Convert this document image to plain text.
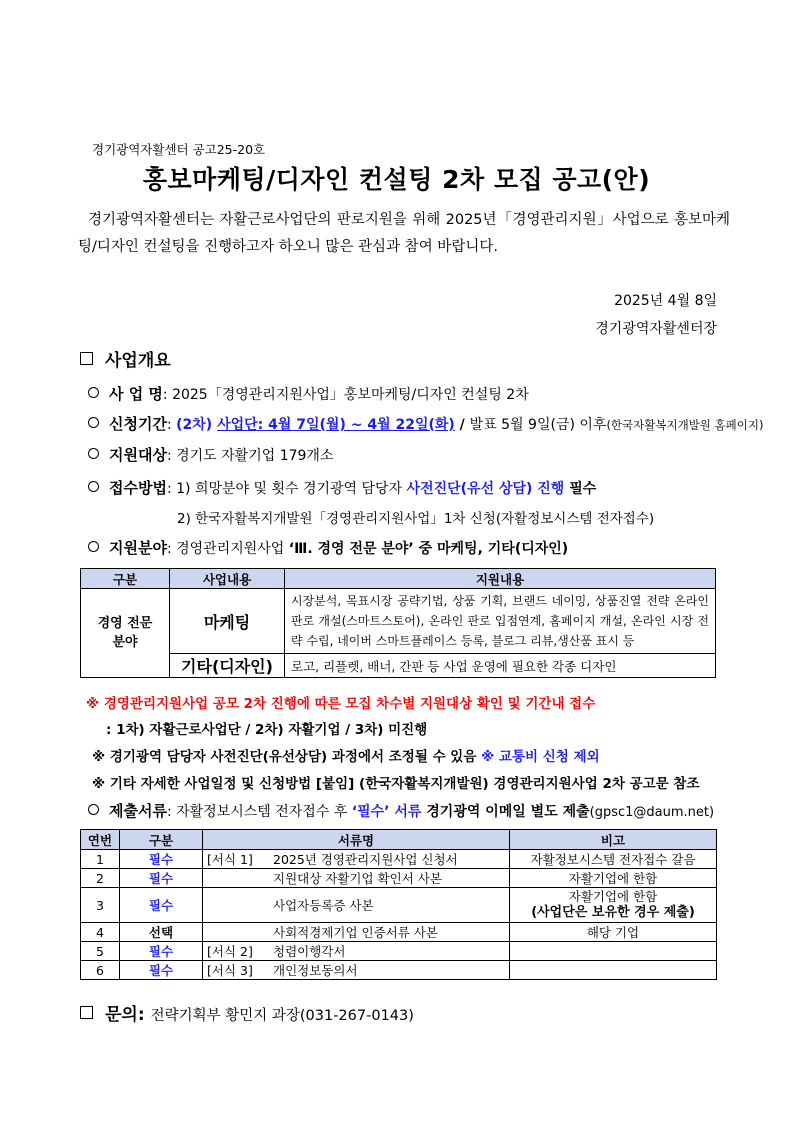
경기광역자활센터 공고25-20호
홍보마케팅/디자인 컨설팅 2차 모집 공고(안)
경기광역자활센터는 자활근로사업단의 판로지원을 위해 2025년「경영관리지원」사업으로 홍보마케팅/디자인 컨설팅을 진행하고자 하오니 많은 관심과 참여 바랍니다.
2025년 4월 8일
경기광역자활센터장
사업개요
사 업 명: 2025「경영관리지원사업」홍보마케팅/디자인 컨설팅 2차
신청기간: (2차) 사업단: 4월 7일(월) ~ 4월 22일(화) / 발표 5월 9일(금) 이후(한국자활복지개발원 홈페이지)
지원대상: 경기도 자활기업 179개소
접수방법: 1) 희망분야 및 횟수 경기광역 담당자 사전진단(유선 상담) 진행 필수
2) 한국자활복지개발원「경영관리지원사업」1차 신청(자활정보시스템 전자접수)
지원분야: 경영관리지원사업 ‘Ⅲ. 경영 전문 분야’ 중 마케팅, 기타(디자인)
구분	사업내용	지원내용
경영 전문
분야	마케팅	시장분석, 목표시장 공략기법, 상품 기획, 브랜드 네이밍, 상품진열 전략 온라인 판로 개설(스마트스토어), 온라인 판로 입점연계, 홈페이지 개설, 온라인 시장 전략 수립, 네이버 스마트플레이스 등록, 블로그 리뷰,생산품 표시 등
	기타(디자인)	로고, 리플렛, 배너, 간판 등 사업 운영에 필요한 각종 디자인
※ 경영관리지원사업 공모 2차 진행에 따른 모집 차수별 지원대상 확인 및 기간내 접수
: 1차) 자활근로사업단 / 2차) 자활기업 / 3차) 미진행
※ 경기광역 담당자 사전진단(유선상담) 과정에서 조정될 수 있음 ※ 교통비 신청 제외
※ 기타 자세한 사업일정 및 신청방법 [붙임] (한국자활복지개발원) 경영관리지원사업 2차 공고문 참조
제출서류: 자활정보시스템 전자접수 후 ‘필수’ 서류 경기광역 이메일 별도 제출(gpsc1@daum.net)
연번	구분	서류명	비고
1	필수	[서식 1] 2025년 경영관리지원사업 신청서	자활정보시스템 전자접수 갈음
2	필수	지원대상 자활기업 확인서 사본	자활기업에 한함
3	필수	사업자등록증 사본	자활기업에 한함
(사업단은 보유한 경우 제출)

4	선택	사회적경제기업 인증서류 사본	해당 기업
5	필수	[서식 2] 청렴이행각서	
6	필수	[서식 3] 개인정보동의서	
문의: 전략기획부 황민지 과장(031-267-0143)
